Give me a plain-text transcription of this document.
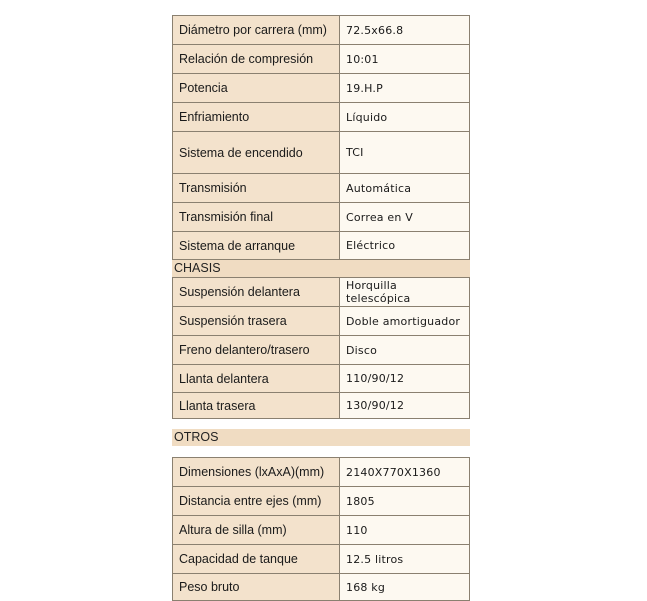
Diámetro por carrera (mm)	72.5x66.8
Relación de compresión	10:01
Potencia	19.H.P
Enfriamiento	Líquido
Sistema de encendido	TCI
Transmisión	Automática
Transmisión final	Correa en V
Sistema de arranque	Eléctrico
CHASIS
Suspensión delantera	Horquilla telescópica
Suspensión trasera	Doble amortiguador
Freno delantero/trasero	Disco
Llanta delantera	110/90/12
Llanta trasera	130/90/12
OTROS
Dimensiones (lxAxA)(mm)	2140X770X1360
Distancia entre ejes (mm)	1805
Altura de silla (mm)	110
Capacidad de tanque	12.5 litros
Peso bruto	168 kg
